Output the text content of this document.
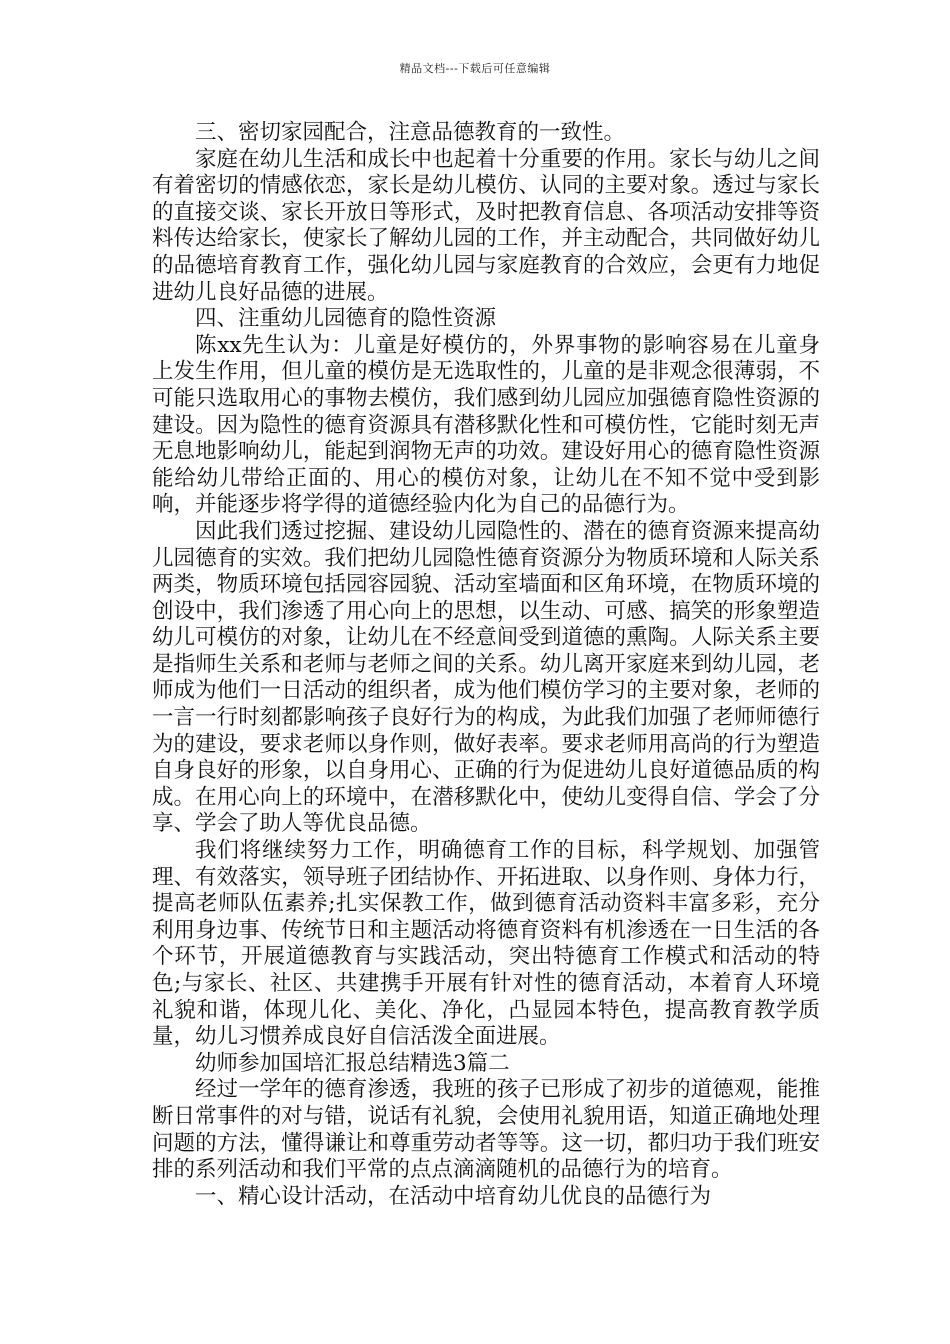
精品文档---下载后可任意编辑

三、密切家园配合，注意品德教育的一致性。

家庭在幼儿生活和成长中也起着十分重要的作用。家长与幼儿之间有着密切的情感依恋，家长是幼儿模仿、认同的主要对象。透过与家长的直接交谈、家长开放日等形式，及时把教育信息、各项活动安排等资料传达给家长，使家长了解幼儿园的工作，并主动配合，共同做好幼儿的品德培育教育工作，强化幼儿园与家庭教育的合效应，会更有力地促进幼儿良好品德的进展。

四、注重幼儿园德育的隐性资源

陈xx先生认为：儿童是好模仿的，外界事物的影响容易在儿童身上发生作用，但儿童的模仿是无选取性的，儿童的是非观念很薄弱，不可能只选取用心的事物去模仿，我们感到幼儿园应加强德育隐性资源的建设。因为隐性的德育资源具有潜移默化性和可模仿性，它能时刻无声无息地影响幼儿，能起到润物无声的功效。建设好用心的德育隐性资源能给幼儿带给正面的、用心的模仿对象，让幼儿在不知不觉中受到影响，并能逐步将学得的道德经验内化为自己的品德行为。

因此我们透过挖掘、建设幼儿园隐性的、潜在的德育资源来提高幼儿园德育的实效。我们把幼儿园隐性德育资源分为物质环境和人际关系两类，物质环境包括园容园貌、活动室墙面和区角环境，在物质环境的创设中，我们渗透了用心向上的思想，以生动、可感、搞笑的形象塑造幼儿可模仿的对象，让幼儿在不经意间受到道德的熏陶。人际关系主要是指师生关系和老师与老师之间的关系。幼儿离开家庭来到幼儿园，老师成为他们一日活动的组织者，成为他们模仿学习的主要对象，老师的一言一行时刻都影响孩子良好行为的构成，为此我们加强了老师师德行为的建设，要求老师以身作则，做好表率。要求老师用高尚的行为塑造自身良好的形象，以自身用心、正确的行为促进幼儿良好道德品质的构成。在用心向上的环境中，在潜移默化中，使幼儿变得自信、学会了分享、学会了助人等优良品德。

我们将继续努力工作，明确德育工作的目标，科学规划、加强管理、有效落实，领导班子团结协作、开拓进取、以身作则、身体力行，提高老师队伍素养;扎实保教工作，做到德育活动资料丰富多彩，充分利用身边事、传统节日和主题活动将德育资料有机渗透在一日生活的各个环节，开展道德教育与实践活动，突出特德育工作模式和活动的特色;与家长、社区、共建携手开展有针对性的德育活动，本着育人环境礼貌和谐，体现儿化、美化、净化，凸显园本特色，提高教育教学质量，幼儿习惯养成良好自信活泼全面进展。

幼师参加国培汇报总结精选3篇二

经过一学年的德育渗透，我班的孩子已形成了初步的道德观，能推断日常事件的对与错，说话有礼貌，会使用礼貌用语，知道正确地处理问题的方法，懂得谦让和尊重劳动者等等。这一切，都归功于我们班安排的系列活动和我们平常的点点滴滴随机的品德行为的培育。

一、精心设计活动，在活动中培育幼儿优良的品德行为
